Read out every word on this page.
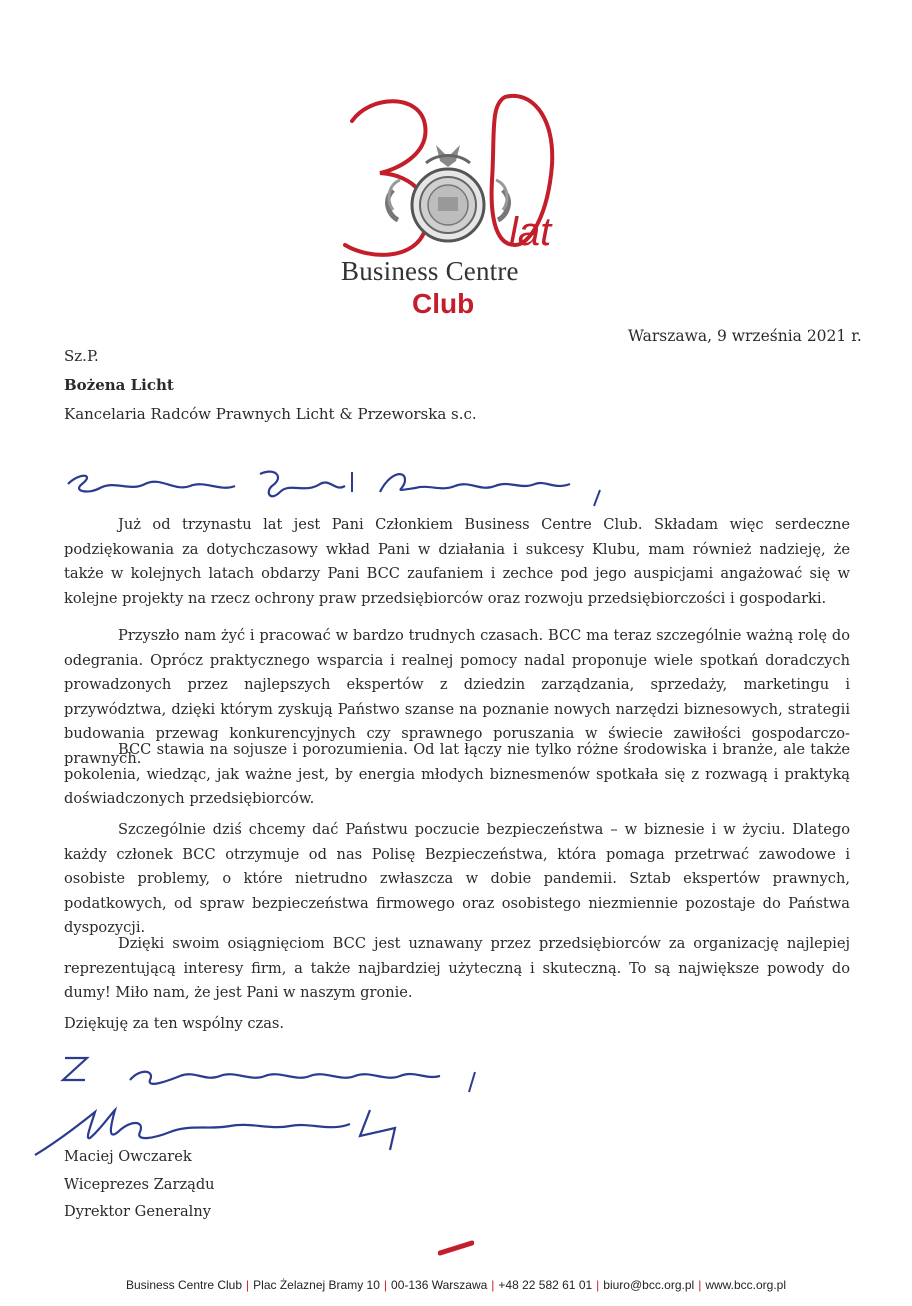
lat
Business Centre
Club
Warszawa, 9 września 2021 r.
Sz.P.
Bożena Licht
Kancelaria Radców Prawnych Licht & Przeworska s.c.
Już od trzynastu lat jest Pani Członkiem Business Centre Club. Składam więc serdeczne podziękowania za dotychczasowy wkład Pani w działania i sukcesy Klubu, mam również nadzieję, że także w kolejnych latach obdarzy Pani BCC zaufaniem i zechce pod jego auspicjami angażować się w kolejne projekty na rzecz ochrony praw przedsiębiorców oraz rozwoju przedsiębiorczości i gospodarki.
Przyszło nam żyć i pracować w bardzo trudnych czasach. BCC ma teraz szczególnie ważną rolę do odegrania. Oprócz praktycznego wsparcia i realnej pomocy nadal proponuje wiele spotkań doradczych prowadzonych przez najlepszych ekspertów z dziedzin zarządzania, sprzedaży, marketingu i przywództwa, dzięki którym zyskują Państwo szanse na poznanie nowych narzędzi biznesowych, strategii budowania przewag konkurencyjnych czy sprawnego poruszania w świecie zawiłości gospodarczo-prawnych.
BCC stawia na sojusze i porozumienia. Od lat łączy nie tylko różne środowiska i branże, ale także pokolenia, wiedząc, jak ważne jest, by energia młodych biznesmenów spotkała się z rozwagą i praktyką doświadczonych przedsiębiorców.
Szczególnie dziś chcemy dać Państwu poczucie bezpieczeństwa – w biznesie i w życiu. Dlatego każdy członek BCC otrzymuje od nas Polisę Bezpieczeństwa, która pomaga przetrwać zawodowe i osobiste problemy, o które nietrudno zwłaszcza w dobie pandemii. Sztab ekspertów prawnych, podatkowych, od spraw bezpieczeństwa firmowego oraz osobistego niezmiennie pozostaje do Państwa dyspozycji.
Dzięki swoim osiągnięciom BCC jest uznawany przez przedsiębiorców za organizację najlepiej reprezentującą interesy firm, a także najbardziej użyteczną i skuteczną. To są największe powody do dumy! Miło nam, że jest Pani w naszym gronie.
Dziękuję za ten wspólny czas.
Maciej Owczarek
Wiceprezes Zarządu
Dyrektor Generalny
Business Centre Club | Plac Żelaznej Bramy 10 | 00-136 Warszawa | +48 22 582 61 01 | biuro@bcc.org.pl | www.bcc.org.pl
